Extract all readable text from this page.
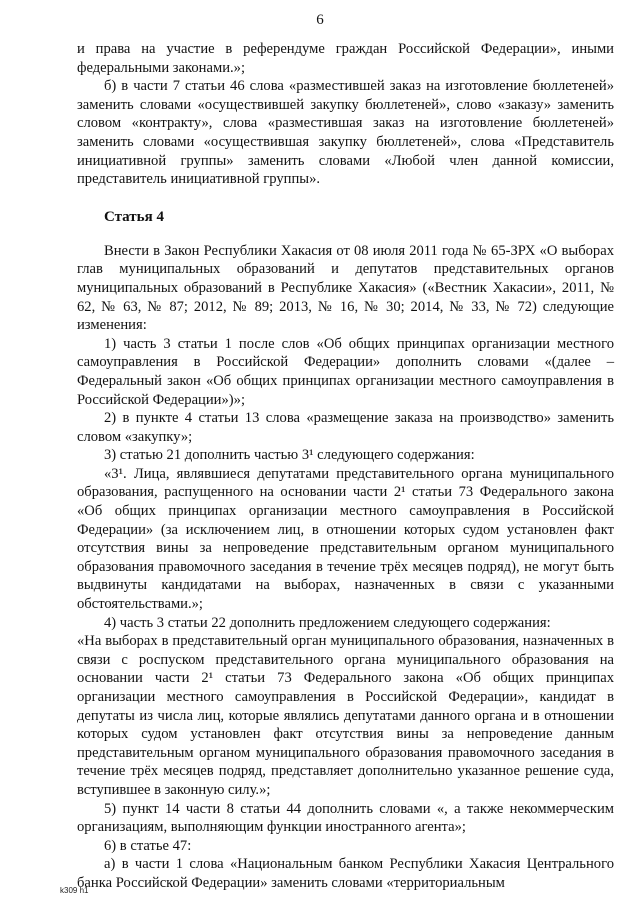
6

и права на участие в референдуме граждан Российской Федерации», иными федеральными законами.»;

б) в части 7 статьи 46 слова «разместившей заказ на изготовление бюллетеней» заменить словами «осуществившей закупку бюллетеней», слово «заказу» заменить словом «контракту», слова «разместившая заказ на изготовление бюллетеней» заменить словами «осуществившая закупку бюллетеней», слова «Представитель инициативной группы» заменить словами «Любой член данной комиссии, представитель инициативной группы».

Статья 4

Внести в Закон Республики Хакасия от 08 июля 2011 года № 65-ЗРХ «О выборах глав муниципальных образований и депутатов представительных органов муниципальных образований в Республике Хакасия» («Вестник Хакасии», 2011, № 62, № 63, № 87; 2012, № 89; 2013, № 16, № 30; 2014, № 33, № 72) следующие изменения:

1) часть 3 статьи 1 после слов «Об общих принципах организации местного самоуправления в Российской Федерации» дополнить словами «(далее – Федеральный закон «Об общих принципах организации местного самоуправления в Российской Федерации»)»;

2) в пункте 4 статьи 13 слова «размещение заказа на производство» заменить словом «закупку»;

3) статью 21 дополнить частью 3¹ следующего содержания:

«3¹. Лица, являвшиеся депутатами представительного органа муниципального образования, распущенного на основании части 2¹ статьи 73 Федерального закона «Об общих принципах организации местного самоуправления в Российской Федерации» (за исключением лиц, в отношении которых судом установлен факт отсутствия вины за непроведение представительным органом муниципального образования правомочного заседания в течение трёх месяцев подряд), не могут быть выдвинуты кандидатами на выборах, назначенных в связи с указанными обстоятельствами.»;

4) часть 3 статьи 22 дополнить предложением следующего содержания:

«На выборах в представительный орган муниципального образования, назначенных в связи с роспуском представительного органа муниципального образования на основании части 2¹ статьи 73 Федерального закона «Об общих принципах организации местного самоуправления в Российской Федерации», кандидат в депутаты из числа лиц, которые являлись депутатами данного органа и в отношении которых судом установлен факт отсутствия вины за непроведение данным представительным органом муниципального образования правомочного заседания в течение трёх месяцев подряд, представляет дополнительно указанное решение суда, вступившее в законную силу.»;

5) пункт 14 части 8 статьи 44 дополнить словами «, а также некоммерческим организациям, выполняющим функции иностранного агента»;

6) в статье 47:

а) в части 1 слова «Национальным банком Республики Хакасия Центрального банка Российской Федерации» заменить словами «территориальным

k309 h1
